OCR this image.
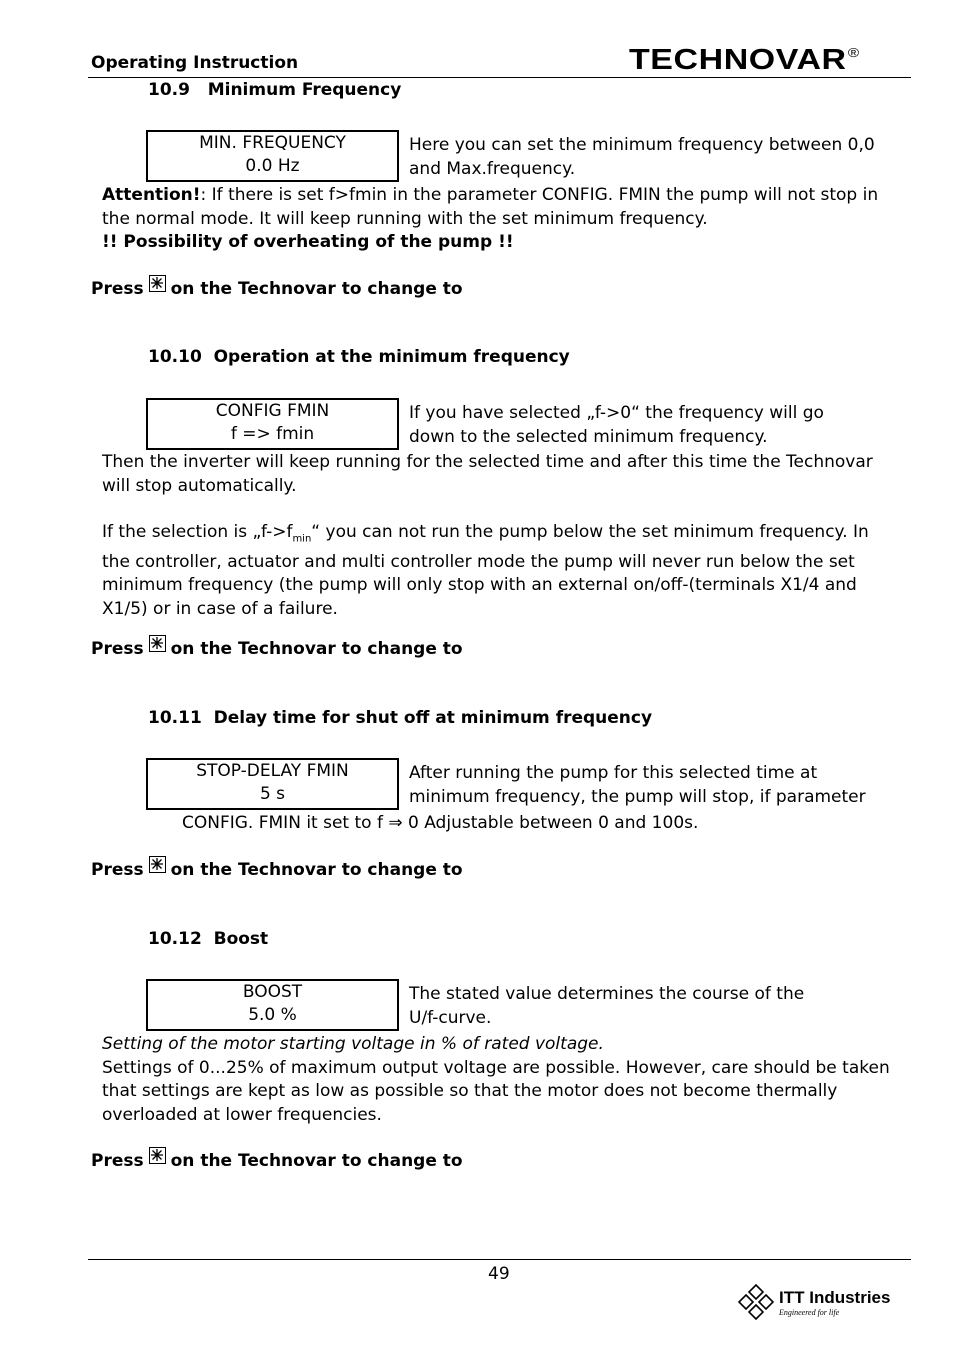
Operating Instruction	TECHNOVAR®
10.9   Minimum Frequency
MIN. FREQUENCY
0.0 Hz
Here you can set the minimum frequency between 0,0
and Max.frequency.
Attention!: If there is set f>fmin in the parameter CONFIG. FMIN the pump will not stop in
the normal mode. It will keep running with the set minimum frequency.
!! Possibility of overheating of the pump !!
Press on the Technovar to change to
10.10  Operation at the minimum frequency
CONFIG FMIN
f => fmin
If you have selected „f->0“ the frequency will go
down to the selected minimum frequency.
Then the inverter will keep running for the selected time and after this time the Technovar
will stop automatically.
If the selection is $„f->f_{min}“$ you can not run the pump below the set minimum frequency. In
the controller, actuator and multi controller mode the pump will never run below the set
minimum frequency (the pump will only stop with an external on/off-(terminals X1/4 and
X1/5) or in case of a failure.
Press on the Technovar to change to
10.11  Delay time for shut off at minimum frequency
STOP-DELAY FMIN
5 s
After running the pump for this selected time at
minimum frequency, the pump will stop, if parameter
CONFIG. FMIN it set to f ⇒ 0 Adjustable between 0 and 100s.
Press on the Technovar to change to
10.12  Boost
BOOST
5.0 %
The stated value determines the course of the
U/f-curve.
Setting of the motor starting voltage in % of rated voltage.
Settings of 0...25% of maximum output voltage are possible. However, care should be taken
that settings are kept as low as possible so that the motor does not become thermally
overloaded at lower frequencies.
Press on the Technovar to change to
49
ITT Industries
Engineered for life
